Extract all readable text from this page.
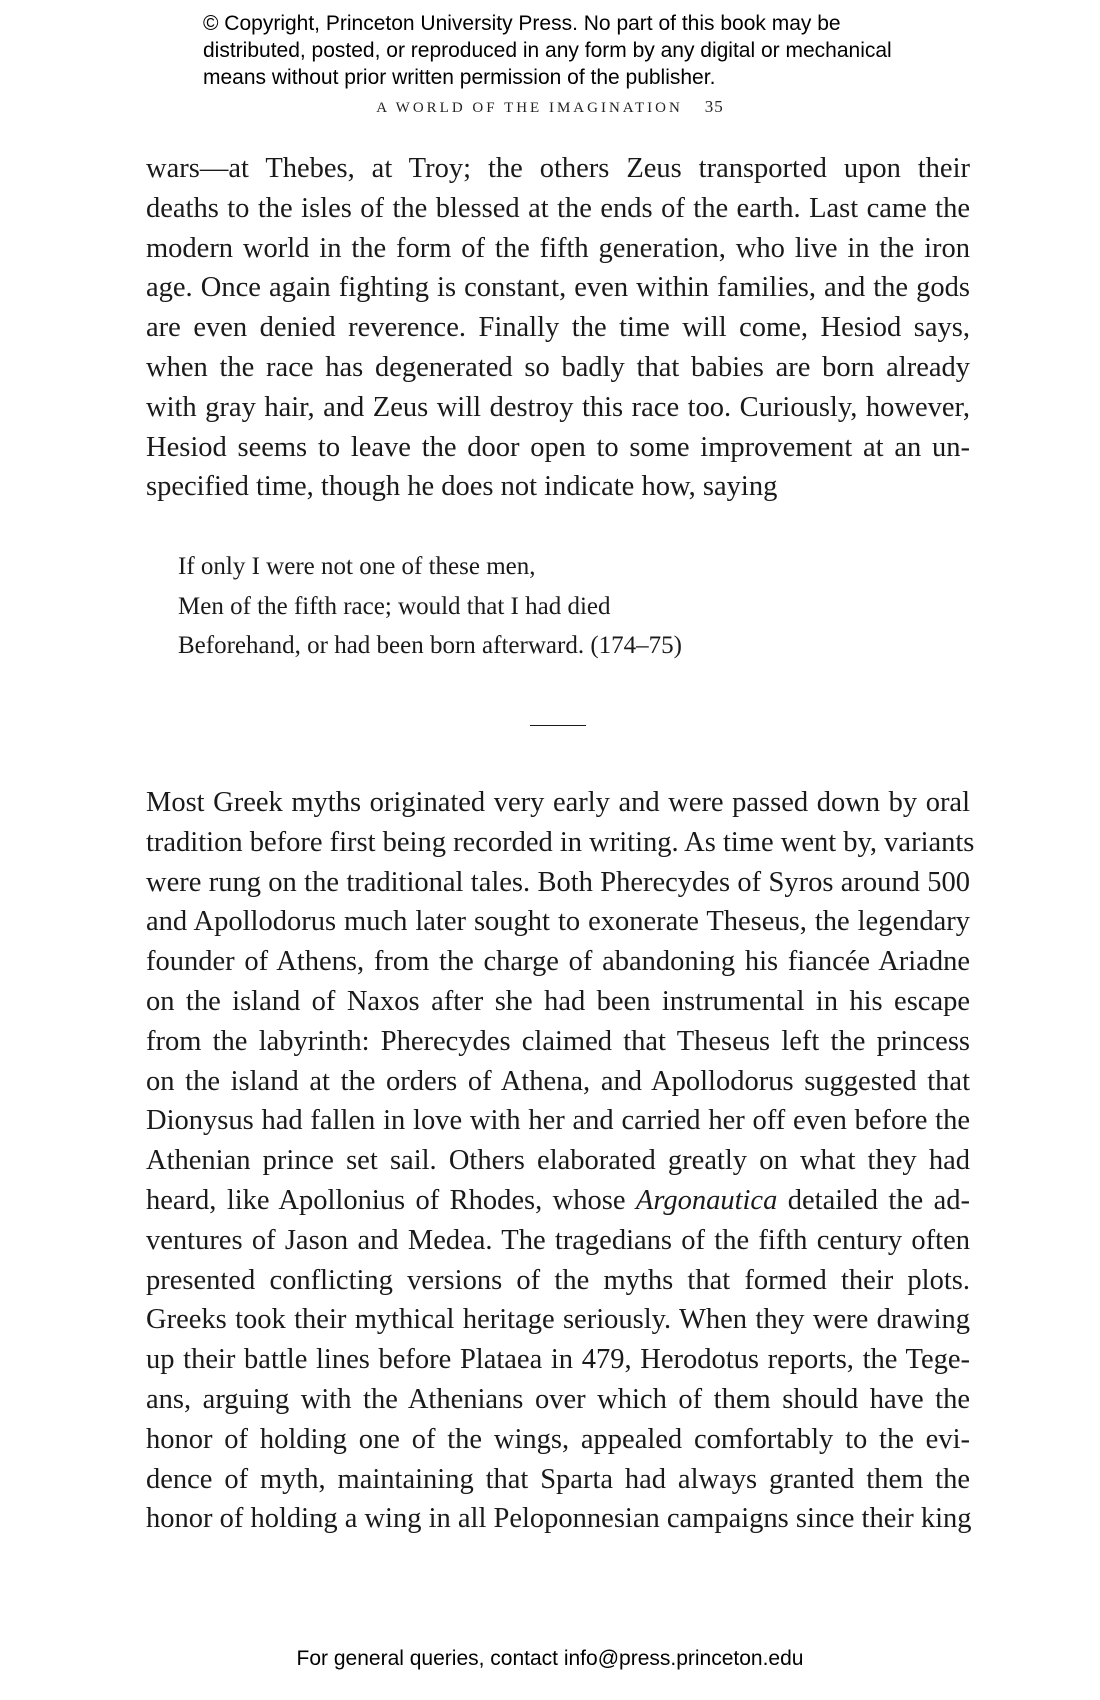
© Copyright, Princeton University Press. No part of this book may be
distributed, posted, or reproduced in any form by any digital or mechanical
means without prior written permission of the publisher.
A WORLD OF THE IMAGINATION 35
wars—at Thebes, at Troy; the others Zeus transported upon their
deaths to the isles of the blessed at the ends of the earth. Last came the
modern world in the form of the fifth generation, who live in the iron
age. Once again fighting is constant, even within families, and the gods
are even denied reverence. Finally the time will come, Hesiod says,
when the race has degenerated so badly that babies are born already
with gray hair, and Zeus will destroy this race too. Curiously, however,
Hesiod seems to leave the door open to some improvement at an un-
specified time, though he does not indicate how, saying
If only I were not one of these men,
Men of the fifth race; would that I had died
Beforehand, or had been born afterward. (174–75)
Most Greek myths originated very early and were passed down by oral
tradition before first being recorded in writing. As time went by, variants
were rung on the traditional tales. Both Pherecydes of Syros around 500
and Apollodorus much later sought to exonerate Theseus, the legendary
founder of Athens, from the charge of abandoning his fiancée Ariadne
on the island of Naxos after she had been instrumental in his escape
from the labyrinth: Pherecydes claimed that Theseus left the princess
on the island at the orders of Athena, and Apollodorus suggested that
Dionysus had fallen in love with her and carried her off even before the
Athenian prince set sail. Others elaborated greatly on what they had
heard, like Apollonius of Rhodes, whose Argonautica detailed the ad-
ventures of Jason and Medea. The tragedians of the fifth century often
presented conflicting versions of the myths that formed their plots.
Greeks took their mythical heritage seriously. When they were drawing
up their battle lines before Plataea in 479, Herodotus reports, the Tege-
ans, arguing with the Athenians over which of them should have the
honor of holding one of the wings, appealed comfortably to the evi-
dence of myth, maintaining that Sparta had always granted them the
honor of holding a wing in all Peloponnesian campaigns since their king
For general queries, contact info@press.princeton.edu
